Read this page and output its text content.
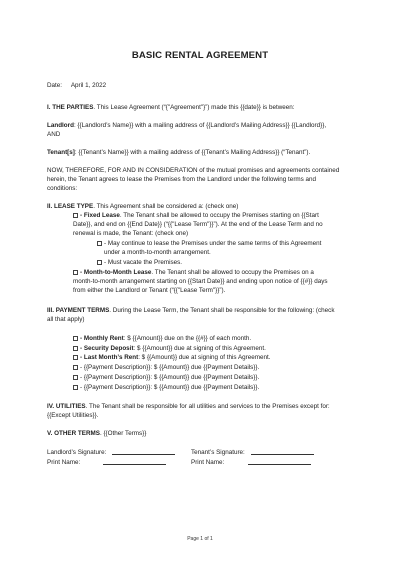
BASIC RENTAL AGREEMENT
Date: April 1, 2022
I. THE PARTIES. This Lease Agreement (“{"Agreement"}”) made this {{date}} is between:
Landlord: {{Landlord’s Name}} with a mailing address of {{Landlord’s Mailing Address}} {{Landlord}},
AND
Tenant[s]: {{Tenant’s Name}} with a mailing address of {{Tenant’s Mailing Address}} (“Tenant”).
NOW, THEREFORE, FOR AND IN CONSIDERATION of the mutual promises and agreements contained
herein, the Tenant agrees to lease the Premises from the Landlord under the following terms and
conditions:
II. LEASE TYPE. This Agreement shall be considered a: (check one)
- Fixed Lease. The Tenant shall be allowed to occupy the Premises starting on {{Start
Date}}, and end on {{End Date}} (“{{"Lease Term"}}”). At the end of the Lease Term and no
renewal is made, the Tenant: (check one)
- May continue to lease the Premises under the same terms of this Agreement
under a month-to-month arrangement.
- Must vacate the Premises.
- Month-to-Month Lease. The Tenant shall be allowed to occupy the Premises on a
month-to-month arrangement starting on {{Start Date}} and ending upon notice of {{#}} days
from either the Landlord or Tenant (“{{"Lease Term"}}”).
III. PAYMENT TERMS. During the Lease Term, the Tenant shall be responsible for the following: (check
all that apply)
- Monthly Rent: $ {{Amount}} due on the {{#}} of each month.
- Security Deposit: $ {{Amount}} due at signing of this Agreement.
- Last Month’s Rent: $ {{Amount}} due at signing of this Agreement.
- {{Payment Description}}: $ {{Amount}} due {{Payment Details}}.
- {{Payment Description}}: $ {{Amount}} due {{Payment Details}}.
- {{Payment Description}}: $ {{Amount}} due {{Payment Details}}.
IV. UTILITIES. The Tenant shall be responsible for all utilities and services to the Premises except for:
{{Except Utilities}}.
V. OTHER TERMS. {{Other Terms}}
Landlord’s Signature:	Tenant’s Signature:
Print Name:	Print Name:
Page 1 of 1
